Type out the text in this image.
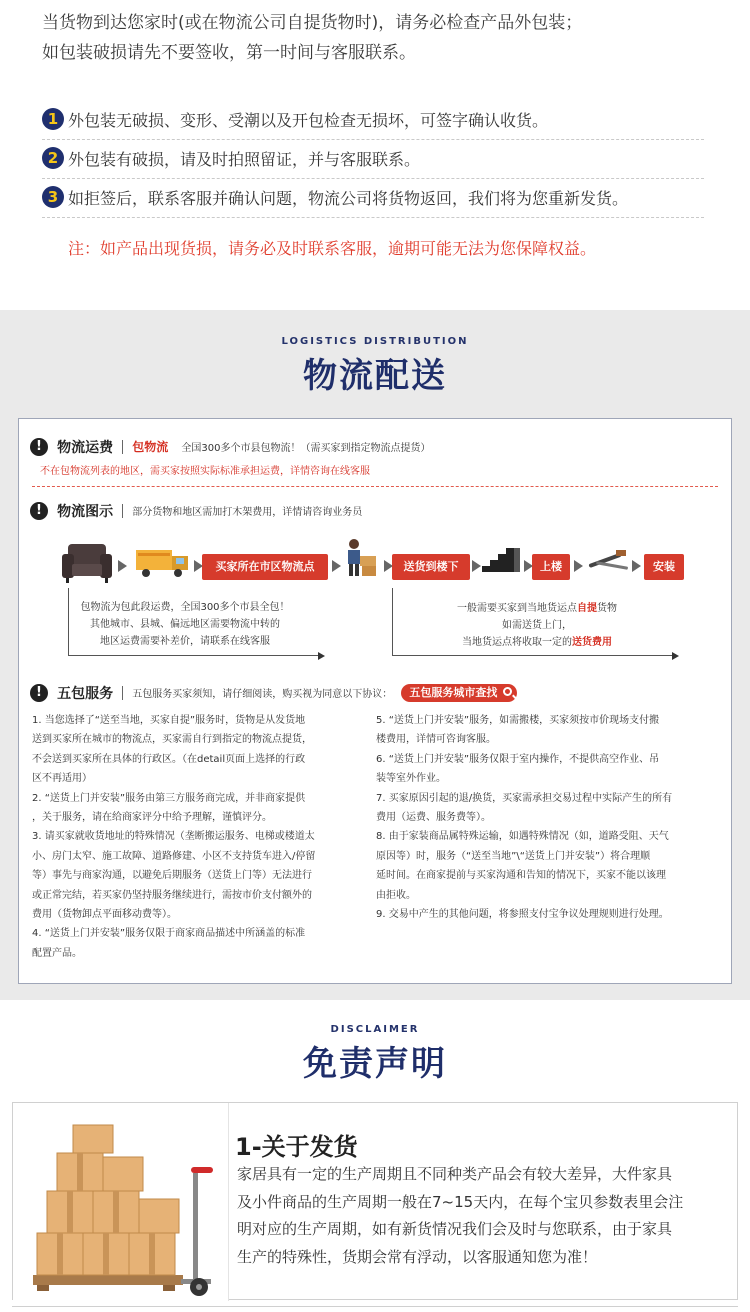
当货物到达您家时(或在物流公司自提货物时)，请务必检查产品外包装；
如包装破损请先不要签收，第一时间与客服联系。
1 外包装无破损、变形、受潮以及开包检查无损坏，可签字确认收货。
2 外包装有破损，请及时拍照留证，并与客服联系。
3 如拒签后，联系客服并确认问题，物流公司将货物返回，我们将为您重新发货。
注：如产品出现货损，请务必及时联系客服，逾期可能无法为您保障权益。
LOGISTICS DISTRIBUTION
物流配送
! 物流运费 包物流 全国300多个市县包物流！（需买家到指定物流点提货）
不在包物流列表的地区，需买家按照实际标准承担运费，详情咨询在线客服
! 物流图示 部分货物和地区需加打木架费用，详情请咨询业务员
买家所在市区物流点	送货到楼下	上楼	安装
包物流为包此段运费，全国300多个市县全包！
其他城市、县城、偏远地区需要物流中转的
地区运费需要补差价，请联系在线客服
一般需要买家到当地货运点自提货物
如需送货上门，
当地货运点将收取一定的送货费用
! 五包服务 五包服务买家须知，请仔细阅读，购买视为同意以下协议： 五包服务城市查找

1. 当您选择了“送至当地，买家自提”服务时，货物是从发货地

送到买家所在城市的物流点，买家需自行到指定的物流点提货，

不会送到买家所在具体的行政区。（在detail页面上选择的行政

区不再适用）

2. “送货上门并安装”服务由第三方服务商完成，并非商家提供

，关于服务，请在给商家评分中给予理解，谨慎评分。

3. 请买家就收货地址的特殊情况（垄断搬运服务、电梯或楼道太

小、房门太窄、施工故障、道路修建、小区不支持货车进入/停留

等）事先与商家沟通，以避免后期服务（送货上门等）无法进行

或正常完结，若买家仍坚持服务继续进行，需按市价支付额外的

费用（货物卸点平面移动费等）。

4. “送货上门并安装”服务仅限于商家商品描述中所涵盖的标准

配置产品。

5. “送货上门并安装”服务，如需搬楼，买家须按市价现场支付搬

楼费用，详情可咨询客服。

6. “送货上门并安装”服务仅限于室内操作，不提供高空作业、吊

装等室外作业。

7. 买家原因引起的退/换货，买家需承担交易过程中实际产生的所有

费用（运费、服务费等）。

8. 由于家装商品属特殊运输，如遇特殊情况（如，道路受阻、天气

原因等）时，服务（“送至当地”\“送货上门并安装”）将合理顺

延时间。在商家提前与买家沟通和告知的情况下，买家不能以该理

由拒收。

9. 交易中产生的其他问题，将参照支付宝争议处理规则进行处理。

DISCLAIMER
免责声明
1-关于发货
家居具有一定的生产周期且不同种类产品会有较大差异，大件家具
及小件商品的生产周期一般在7~15天内，在每个宝贝参数表里会注
明对应的生产周期，如有新货情况我们会及时与您联系，由于家具
生产的特殊性，货期会常有浮动，以客服通知您为准！
